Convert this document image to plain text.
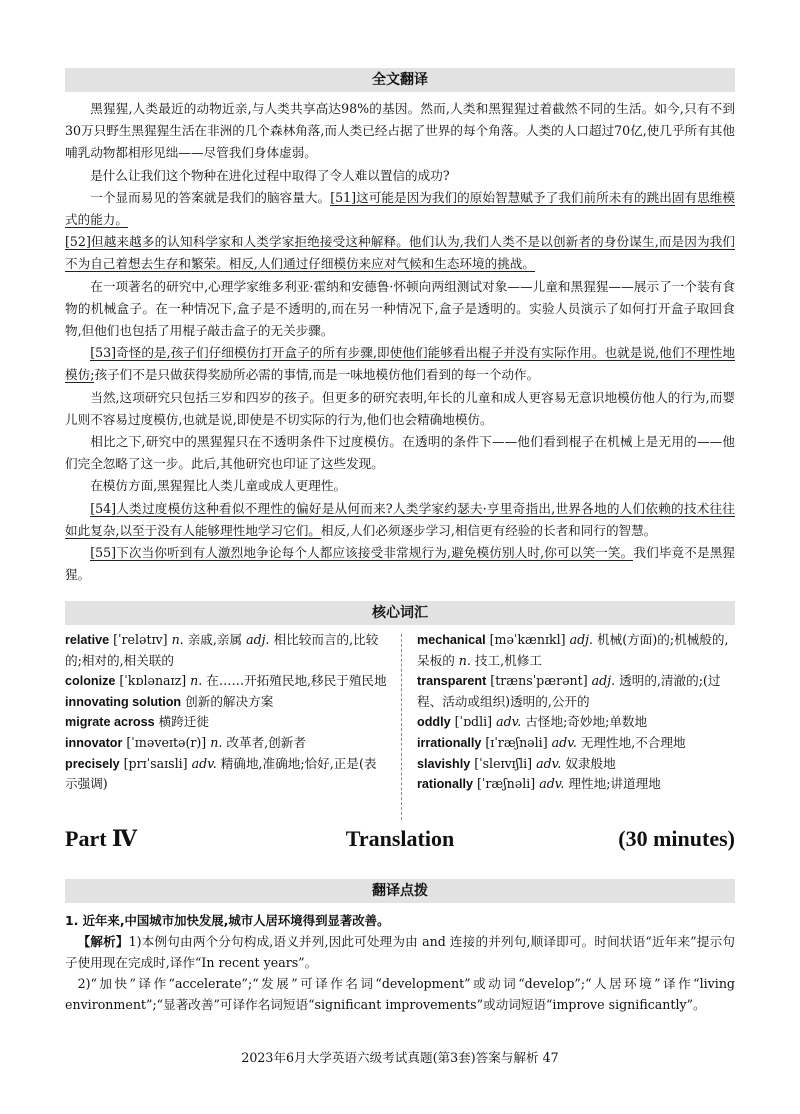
全文翻译

黑猩猩,人类最近的动物近亲,与人类共享高达98%的基因。然而,人类和黑猩猩过着截然不同的生活。如今,只有不到30万只野生黑猩猩生活在非洲的几个森林角落,而人类已经占据了世界的每个角落。人类的人口超过70亿,使几乎所有其他哺乳动物都相形见绌——尽管我们身体虚弱。

是什么让我们这个物种在进化过程中取得了令人难以置信的成功?

一个显而易见的答案就是我们的脑容量大。[51]这可能是因为我们的原始智慧赋予了我们前所未有的跳出固有思维模式的能力。

[52]但越来越多的认知科学家和人类学家拒绝接受这种解释。他们认为,我们人类不是以创新者的身份谋生,而是因为我们不为自己着想去生存和繁荣。相反,人们通过仔细模仿来应对气候和生态环境的挑战。

在一项著名的研究中,心理学家维多利亚·霍纳和安德鲁·怀顿向两组测试对象——儿童和黑猩猩——展示了一个装有食物的机械盒子。在一种情况下,盒子是不透明的,而在另一种情况下,盒子是透明的。实验人员演示了如何打开盒子取回食物,但他们也包括了用棍子敲击盒子的无关步骤。

[53]奇怪的是,孩子们仔细模仿打开盒子的所有步骤,即使他们能够看出棍子并没有实际作用。也就是说,他们不理性地模仿;孩子们不是只做获得奖励所必需的事情,而是一味地模仿他们看到的每一个动作。

当然,这项研究只包括三岁和四岁的孩子。但更多的研究表明,年长的儿童和成人更容易无意识地模仿他人的行为,而婴儿则不容易过度模仿,也就是说,即使是不切实际的行为,他们也会精确地模仿。

相比之下,研究中的黑猩猩只在不透明条件下过度模仿。在透明的条件下——他们看到棍子在机械上是无用的——他们完全忽略了这一步。此后,其他研究也印证了这些发现。

在模仿方面,黑猩猩比人类儿童或成人更理性。

[54]人类过度模仿这种看似不理性的偏好是从何而来?人类学家约瑟夫·亨里奇指出,世界各地的人们依赖的技术往往如此复杂,以至于没有人能够理性地学习它们。相反,人们必须逐步学习,相信更有经验的长者和同行的智慧。

[55]下次当你听到有人激烈地争论每个人都应该接受非常规行为,避免模仿别人时,你可以笑一笑。我们毕竟不是黑猩猩。

核心词汇

relative [ˈrelətɪv] n. 亲戚,亲属 adj. 相比较而言的,比较的;相对的,相关联的

colonize [ˈkɒlənaɪz] n. 在……开拓殖民地,移民于殖民地

innovating solution 创新的解决方案

migrate across 横跨迁徙

innovator [ˈɪnəveɪtə(r)] n. 改革者,创新者

precisely [prɪˈsaɪsli] adv. 精确地,准确地;恰好,正是(表示强调)

mechanical [məˈkænɪkl] adj. 机械(方面)的;机械般的,呆板的 n. 技工,机修工

transparent [trænsˈpærənt] adj. 透明的,清澈的;(过程、活动或组织)透明的,公开的

oddly [ˈɒdli] adv. 古怪地;奇妙地;单数地

irrationally [ɪˈræʃnəli] adv. 无理性地,不合理地

slavishly [ˈsleɪvɪʃli] adv. 奴隶般地

rationally [ˈræʃnəli] adv. 理性地;讲道理地

Translation
Part Ⅳ	(30 minutes)
翻译点拨

1. 近年来,中国城市加快发展,城市人居环境得到显著改善。

【解析】1)本例句由两个分句构成,语义并列,因此可处理为由 and 连接的并列句,顺译即可。时间状语“近年来”提示句子使用现在完成时,译作“In recent years”。

2)“加快”译作“accelerate”;“发展”可译作名词“development”或动词“develop”;“人居环境”译作“living environment”;“显著改善”可译作名词短语“significant improvements”或动词短语“improve significantly”。

2023年6月大学英语六级考试真题(第3套)答案与解析 47
